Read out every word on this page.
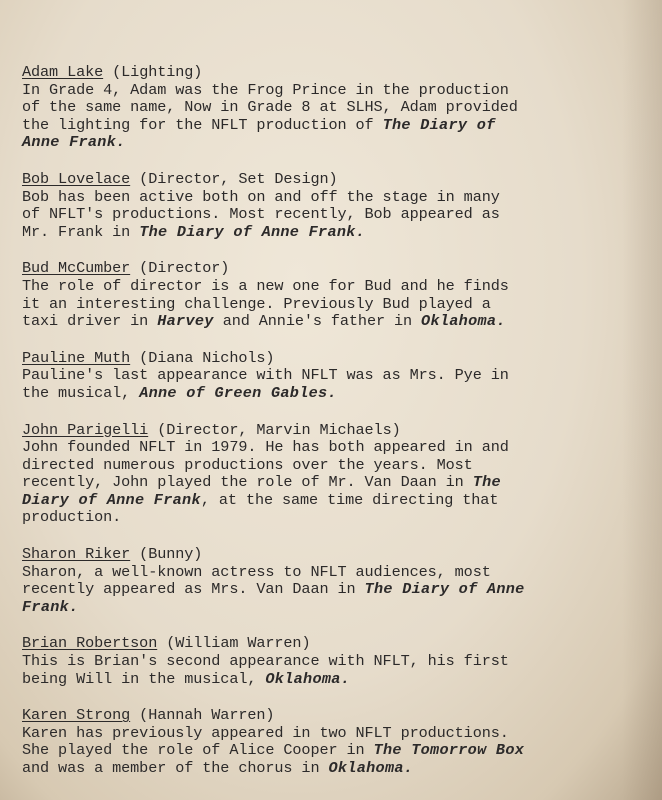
Adam Lake (Lighting)
In Grade 4, Adam was the Frog Prince in the production
of the same name, Now in Grade 8 at SLHS, Adam provided
the lighting for the NFLT production of The Diary of
Anne Frank.
Bob Lovelace (Director, Set Design)
Bob has been active both on and off the stage in many
of NFLT's productions. Most recently, Bob appeared as
Mr. Frank in The Diary of Anne Frank.
Bud McCumber (Director)
The role of director is a new one for Bud and he finds
it an interesting challenge. Previously Bud played a
taxi driver in Harvey and Annie's father in Oklahoma.
Pauline Muth (Diana Nichols)
Pauline's last appearance with NFLT was as Mrs. Pye in
the musical, Anne of Green Gables.
John Parigelli (Director, Marvin Michaels)
John founded NFLT in 1979. He has both appeared in and
directed numerous productions over the years. Most
recently, John played the role of Mr. Van Daan in The
Diary of Anne Frank, at the same time directing that
production.
Sharon Riker (Bunny)
Sharon, a well-known actress to NFLT audiences, most
recently appeared as Mrs. Van Daan in The Diary of Anne
Frank.
Brian Robertson (William Warren)
This is Brian's second appearance with NFLT, his first
being Will in the musical, Oklahoma.
Karen Strong (Hannah Warren)
Karen has previously appeared in two NFLT productions.
She played the role of Alice Cooper in The Tomorrow Box
and was a member of the chorus in Oklahoma.
